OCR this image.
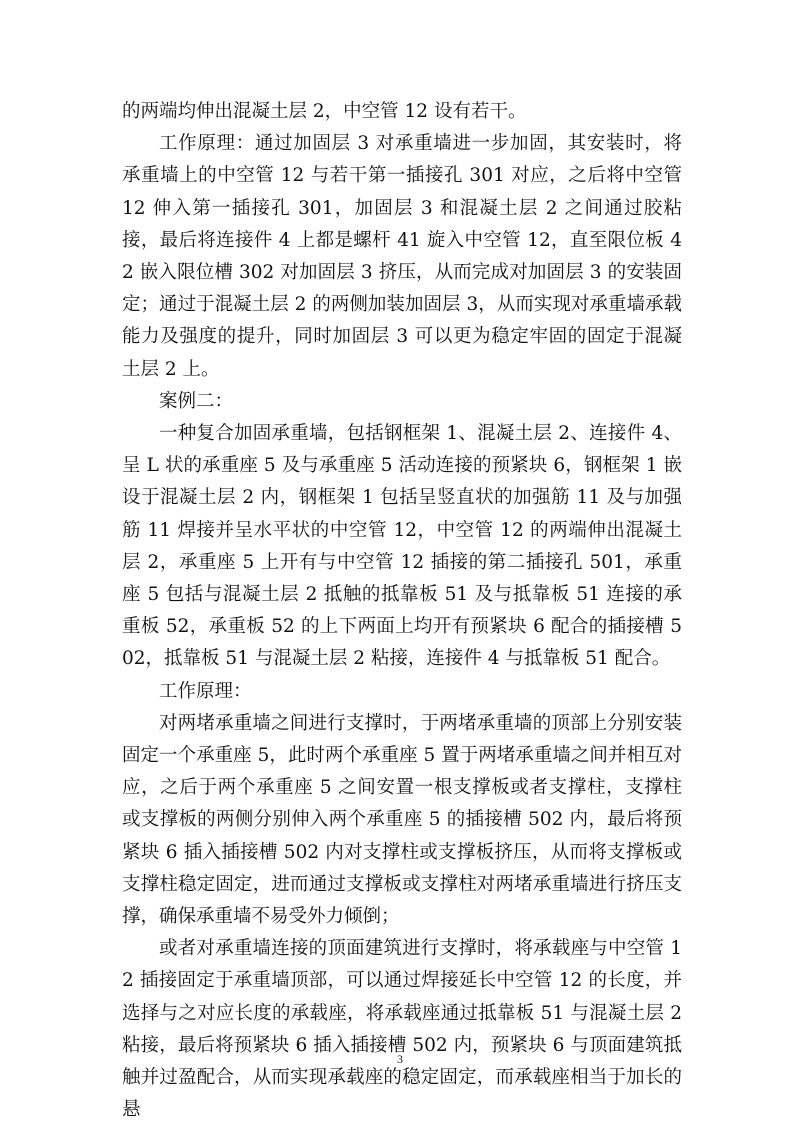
的两端均伸出混凝土层 2，中空管 12 设有若干。

工作原理：通过加固层 3 对承重墙进一步加固，其安装时，将承重墙上的中空管 12 与若干第一插接孔 301 对应，之后将中空管 12 伸入第一插接孔 301，加固层 3 和混凝土层 2 之间通过胶粘接，最后将连接件 4 上都是螺杆 41 旋入中空管 12，直至限位板 42 嵌入限位槽 302 对加固层 3 挤压，从而完成对加固层 3 的安装固定；通过于混凝土层 2 的两侧加装加固层 3，从而实现对承重墙承载能力及强度的提升，同时加固层 3 可以更为稳定牢固的固定于混凝土层 2 上。

案例二：

一种复合加固承重墙，包括钢框架 1、混凝土层 2、连接件 4、呈 L 状的承重座 5 及与承重座 5 活动连接的预紧块 6，钢框架 1 嵌设于混凝土层 2 内，钢框架 1 包括呈竖直状的加强筋 11 及与加强筋 11 焊接并呈水平状的中空管 12，中空管 12 的两端伸出混凝土层 2，承重座 5 上开有与中空管 12 插接的第二插接孔 501，承重座 5 包括与混凝土层 2 抵触的抵靠板 51 及与抵靠板 51 连接的承重板 52，承重板 52 的上下两面上均开有预紧块 6 配合的插接槽 502，抵靠板 51 与混凝土层 2 粘接，连接件 4 与抵靠板 51 配合。

工作原理：

对两堵承重墙之间进行支撑时，于两堵承重墙的顶部上分别安装固定一个承重座 5，此时两个承重座 5 置于两堵承重墙之间并相互对应，之后于两个承重座 5 之间安置一根支撑板或者支撑柱，支撑柱或支撑板的两侧分别伸入两个承重座 5 的插接槽 502 内，最后将预紧块 6 插入插接槽 502 内对支撑柱或支撑板挤压，从而将支撑板或支撑柱稳定固定，进而通过支撑板或支撑柱对两堵承重墙进行挤压支撑，确保承重墙不易受外力倾倒；

或者对承重墙连接的顶面建筑进行支撑时，将承载座与中空管 12 插接固定于承重墙顶部，可以通过焊接延长中空管 12 的长度，并选择与之对应长度的承载座，将承载座通过抵靠板 51 与混凝土层 2 粘接，最后将预紧块 6 插入插接槽 502 内，预紧块 6 与顶面建筑抵触并过盈配合，从而实现承载座的稳定固定，而承载座相当于加长的悬

3
